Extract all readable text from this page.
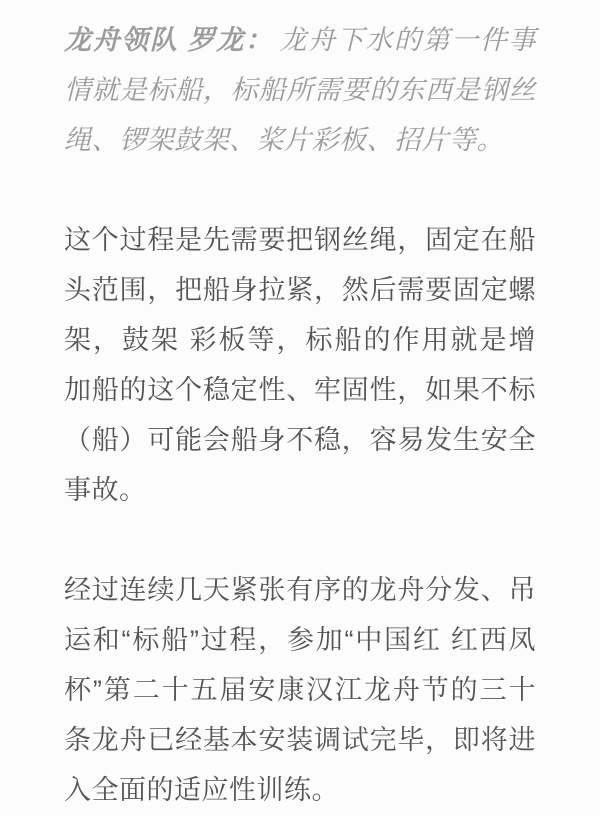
龙舟领队 罗龙： 龙舟下水的第一件事情就是标船，标船所需要的东西是钢丝绳、锣架鼓架、桨片彩板、招片等。

这个过程是先需要把钢丝绳，固定在船头范围，把船身拉紧，然后需要固定螺架，鼓架 彩板等，标船的作用就是增加船的这个稳定性、牢固性，如果不标（船）可能会船身不稳，容易发生安全事故。

经过连续几天紧张有序的龙舟分发、吊运和“标船”过程，参加“中国红 红西凤杯”第二十五届安康汉江龙舟节的三十条龙舟已经基本安装调试完毕，即将进入全面的适应性训练。
